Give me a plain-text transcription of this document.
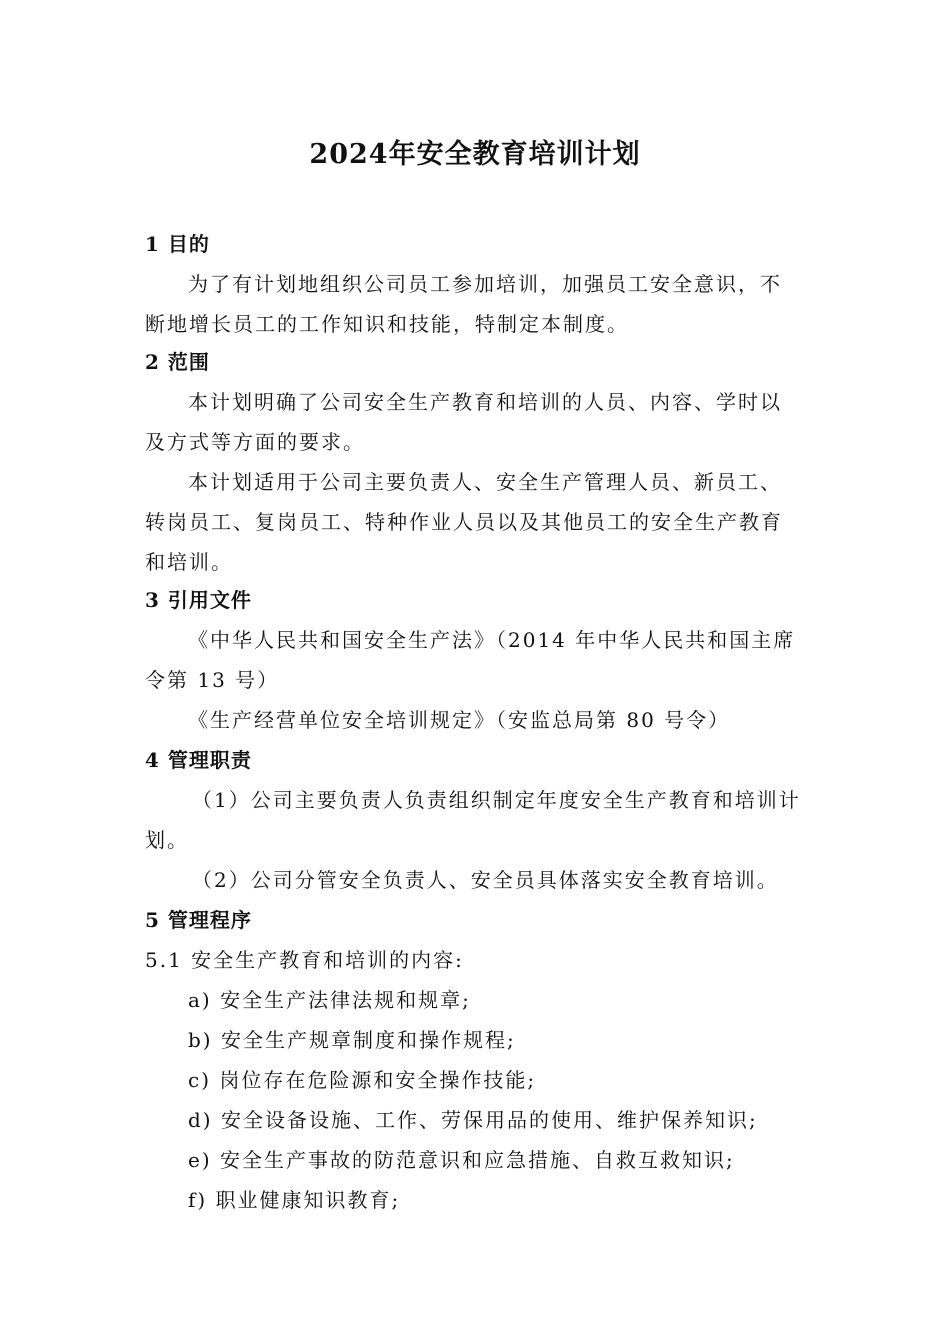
2024年安全教育培训计划
1 目的
为了有计划地组织公司员工参加培训，加强员工安全意识，不
断地增长员工的工作知识和技能，特制定本制度。
2 范围
本计划明确了公司安全生产教育和培训的人员、内容、学时以
及方式等方面的要求。
本计划适用于公司主要负责人、安全生产管理人员、新员工、
转岗员工、复岗员工、特种作业人员以及其他员工的安全生产教育
和培训。
3 引用文件
《中华人民共和国安全生产法》（2014 年中华人民共和国主席
令第 13 号）
《生产经营单位安全培训规定》（安监总局第 80 号令）
4 管理职责
（1）公司主要负责人负责组织制定年度安全生产教育和培训计
划。
（2）公司分管安全负责人、安全员具体落实安全教育培训。
5 管理程序
5.1 安全生产教育和培训的内容:
a) 安全生产法律法规和规章;
b) 安全生产规章制度和操作规程;
c) 岗位存在危险源和安全操作技能;
d) 安全设备设施、工作、劳保用品的使用、维护保养知识;
e) 安全生产事故的防范意识和应急措施、自救互救知识;
f) 职业健康知识教育;
